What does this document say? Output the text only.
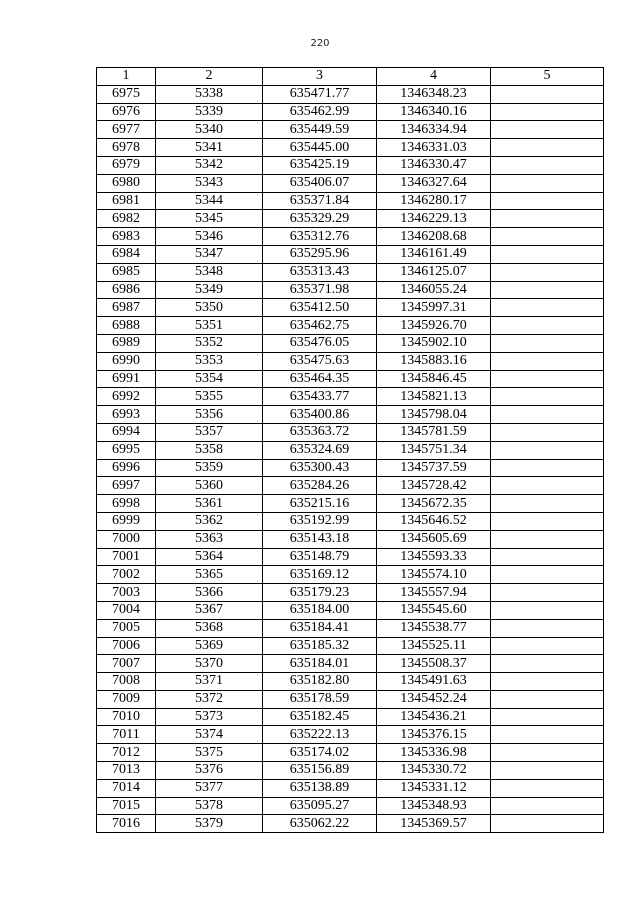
220
1	2	3	4	5
6975	5338	635471.77	1346348.23	
6976	5339	635462.99	1346340.16	
6977	5340	635449.59	1346334.94	
6978	5341	635445.00	1346331.03	
6979	5342	635425.19	1346330.47	
6980	5343	635406.07	1346327.64	
6981	5344	635371.84	1346280.17	
6982	5345	635329.29	1346229.13	
6983	5346	635312.76	1346208.68	
6984	5347	635295.96	1346161.49	
6985	5348	635313.43	1346125.07	
6986	5349	635371.98	1346055.24	
6987	5350	635412.50	1345997.31	
6988	5351	635462.75	1345926.70	
6989	5352	635476.05	1345902.10	
6990	5353	635475.63	1345883.16	
6991	5354	635464.35	1345846.45	
6992	5355	635433.77	1345821.13	
6993	5356	635400.86	1345798.04	
6994	5357	635363.72	1345781.59	
6995	5358	635324.69	1345751.34	
6996	5359	635300.43	1345737.59	
6997	5360	635284.26	1345728.42	
6998	5361	635215.16	1345672.35	
6999	5362	635192.99	1345646.52	
7000	5363	635143.18	1345605.69	
7001	5364	635148.79	1345593.33	
7002	5365	635169.12	1345574.10	
7003	5366	635179.23	1345557.94	
7004	5367	635184.00	1345545.60	
7005	5368	635184.41	1345538.77	
7006	5369	635185.32	1345525.11	
7007	5370	635184.01	1345508.37	
7008	5371	635182.80	1345491.63	
7009	5372	635178.59	1345452.24	
7010	5373	635182.45	1345436.21	
7011	5374	635222.13	1345376.15	
7012	5375	635174.02	1345336.98	
7013	5376	635156.89	1345330.72	
7014	5377	635138.89	1345331.12	
7015	5378	635095.27	1345348.93	
7016	5379	635062.22	1345369.57	
